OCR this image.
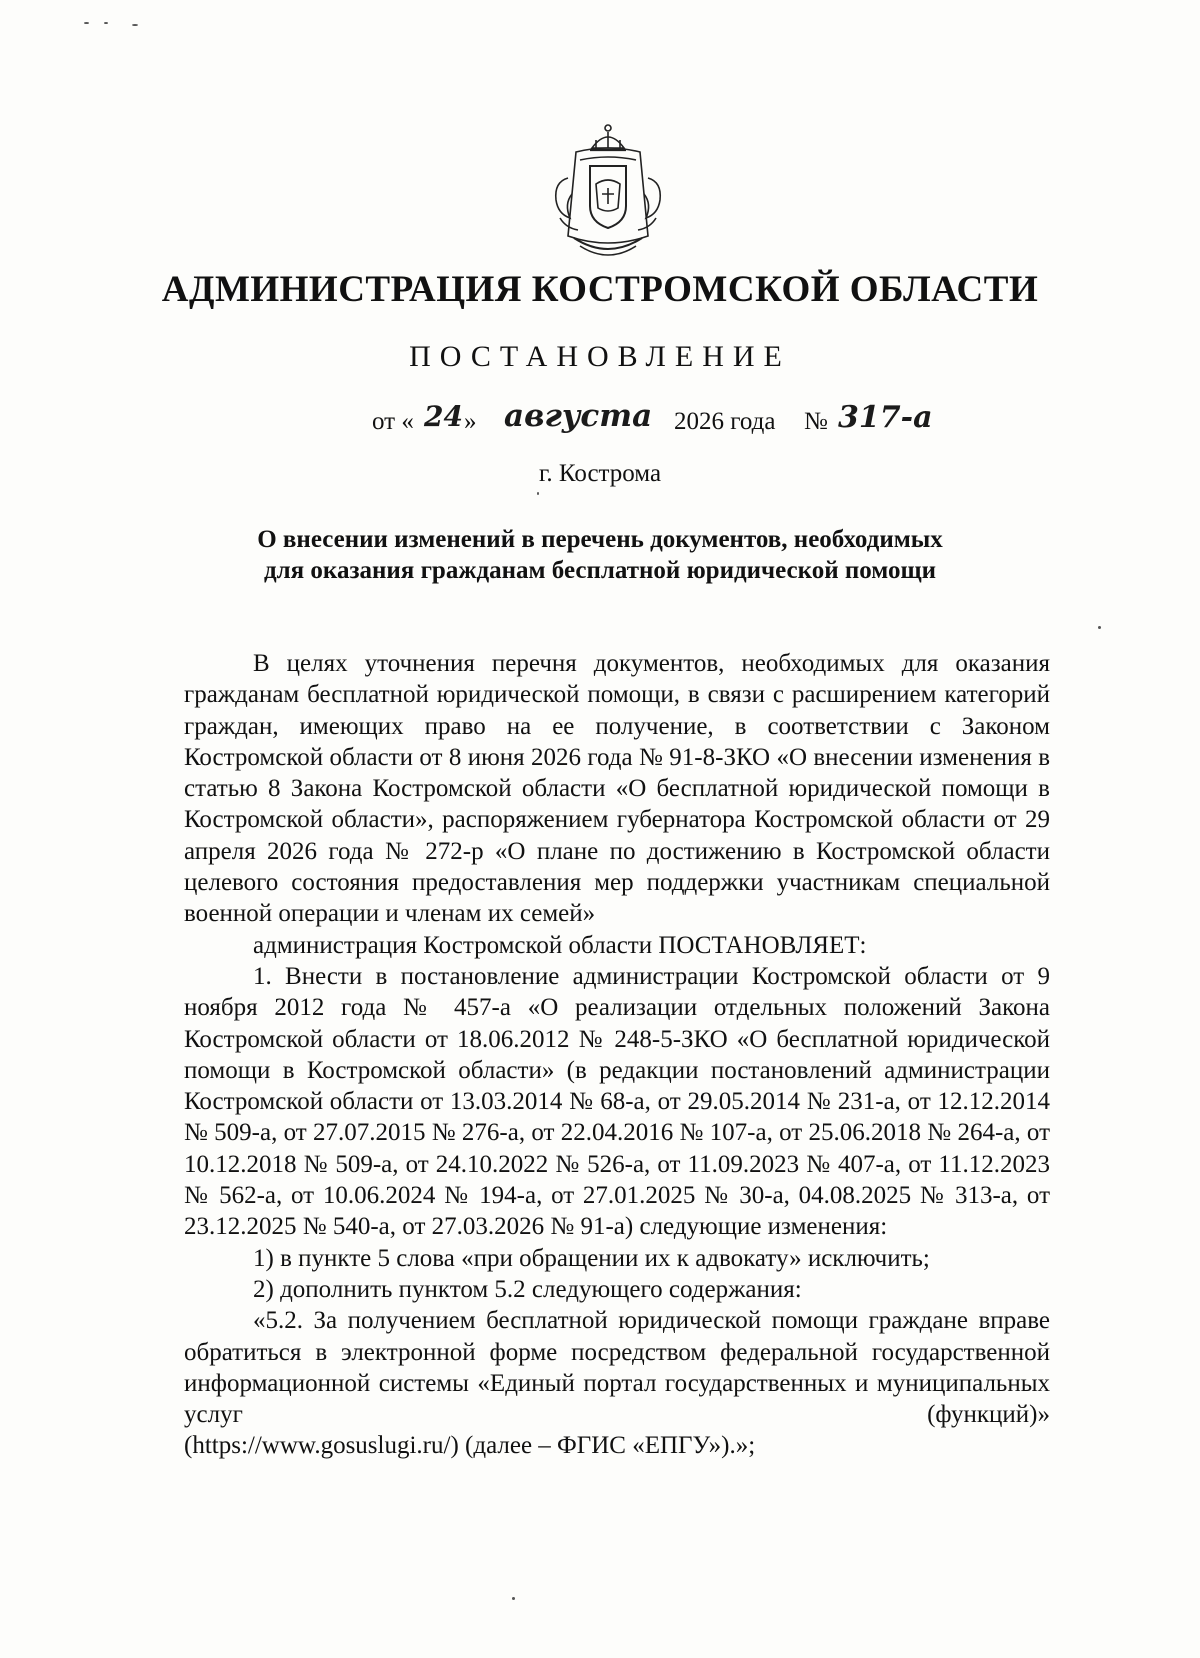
АДМИНИСТРАЦИЯ КОСТРОМСКОЙ ОБЛАСТИ
ПОСТАНОВЛЕНИЕ
от « 24 » августа 2026 года № 317-а
г. Кострома
О внесении изменений в перечень документов, необходимых
для оказания гражданам бесплатной юридической помощи

В целях уточнения перечня документов, необходимых для оказания гражданам бесплатной юридической помощи, в связи с расширением категорий граждан, имеющих право на ее получение, в соответствии с Законом Костромской области от 8 июня 2026 года № 91-8-ЗКО «О внесении изменения в статью 8 Закона Костромской области «О бесплатной юридической помощи в Костромской области», распоряжением губернатора Костромской области от 29 апреля 2026 года № 272-р «О плане по достижению в Костромской области целевого состояния предоставления мер поддержки участникам специальной военной операции и членам их семей»

администрация Костромской области ПОСТАНОВЛЯЕТ:

1. Внести в постановление администрации Костромской области от 9 ноября 2012 года № 457-а «О реализации отдельных положений Закона Костромской области от 18.06.2012 № 248-5-ЗКО «О бесплатной юридической помощи в Костромской области» (в редакции постановлений администрации Костромской области от 13.03.2014 № 68-а, от 29.05.2014 № 231-а, от 12.12.2014 № 509-а, от 27.07.2015 № 276-а, от 22.04.2016 № 107-а, от 25.06.2018 № 264-а, от 10.12.2018 № 509-а, от 24.10.2022 № 526-а, от 11.09.2023 № 407-а, от 11.12.2023 № 562-а, от 10.06.2024 № 194-а, от 27.01.2025 № 30-а, 04.08.2025 № 313-а, от 23.12.2025 № 540-а, от 27.03.2026 № 91-а) следующие изменения:

1) в пункте 5 слова «при обращении их к адвокату» исключить;

2) дополнить пунктом 5.2 следующего содержания:

«5.2. За получением бесплатной юридической помощи граждане вправе обратиться в электронной форме посредством федеральной государственной информационной системы «Единый портал государственных и муниципальных услуг (функций)»

(https://www.gosuslugi.ru/) (далее – ФГИС «ЕПГУ»).»;
